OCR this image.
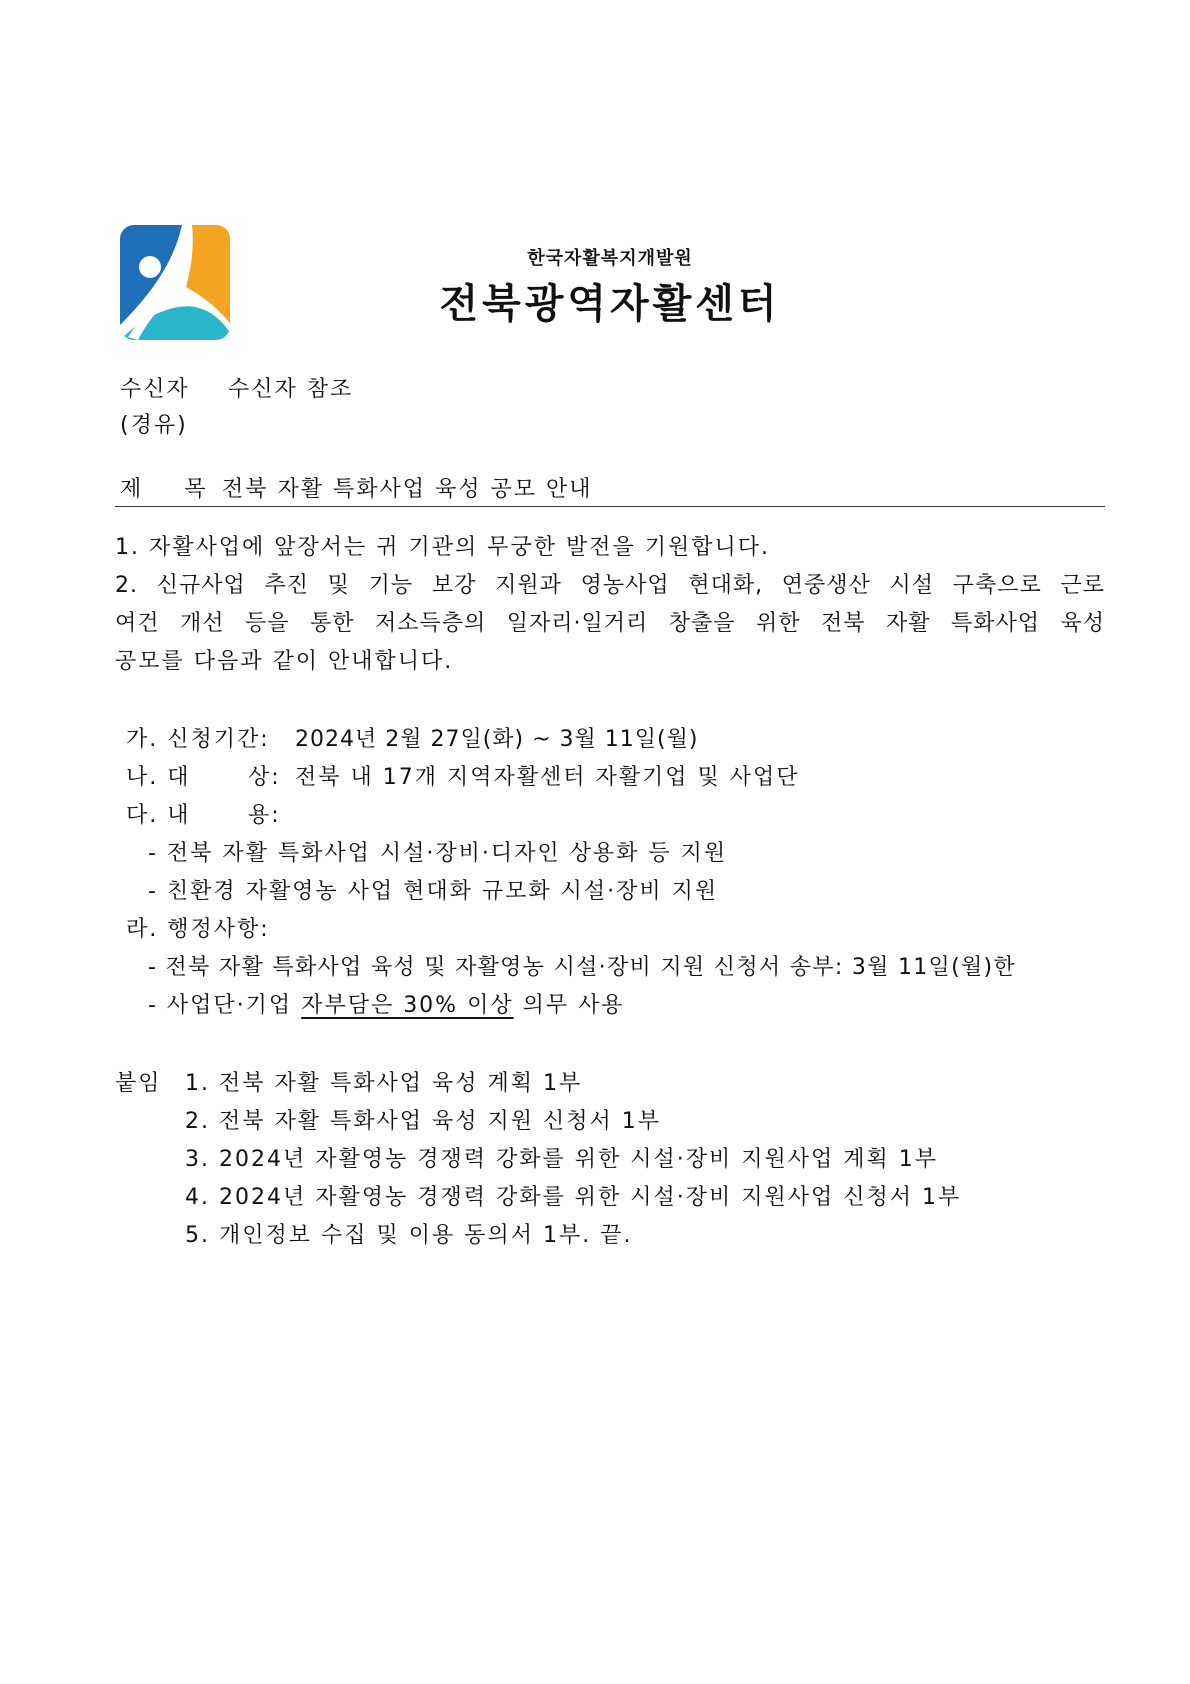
한국자활복지개발원
전북광역자활센터
수신자 수신자 참조
(경유)
제 목
전북 자활 특화사업 육성 공모 안내
1. 자활사업에 앞장서는 귀 기관의 무궁한 발전을 기원합니다.
2. 신규사업 추진 및 기능 보강 지원과 영농사업 현대화, 연중생산 시설 구축으로 근로
여건 개선 등을 통한 저소득층의 일자리·일거리 창출을 위한 전북 자활 특화사업 육성
공모를 다음과 같이 안내합니다.
가. 신청기간: 2024년 2월 27일(화) ~ 3월 11일(월)
나. 대	상: 전북 내 17개 지역자활센터 자활기업 및 사업단
다. 내	용:
- 전북 자활 특화사업 시설·장비·디자인 상용화 등 지원
- 친환경 자활영농 사업 현대화 규모화 시설·장비 지원
라. 행정사항:
- 전북 자활 특화사업 육성 및 자활영농 시설·장비 지원 신청서 송부: 3월 11일(월)한
- 사업단·기업 자부담은 30% 이상 의무 사용
붙임 1. 전북 자활 특화사업 육성 계획 1부
2. 전북 자활 특화사업 육성 지원 신청서 1부
3. 2024년 자활영농 경쟁력 강화를 위한 시설·장비 지원사업 계획 1부
4. 2024년 자활영농 경쟁력 강화를 위한 시설·장비 지원사업 신청서 1부
5. 개인정보 수집 및 이용 동의서 1부. 끝.
